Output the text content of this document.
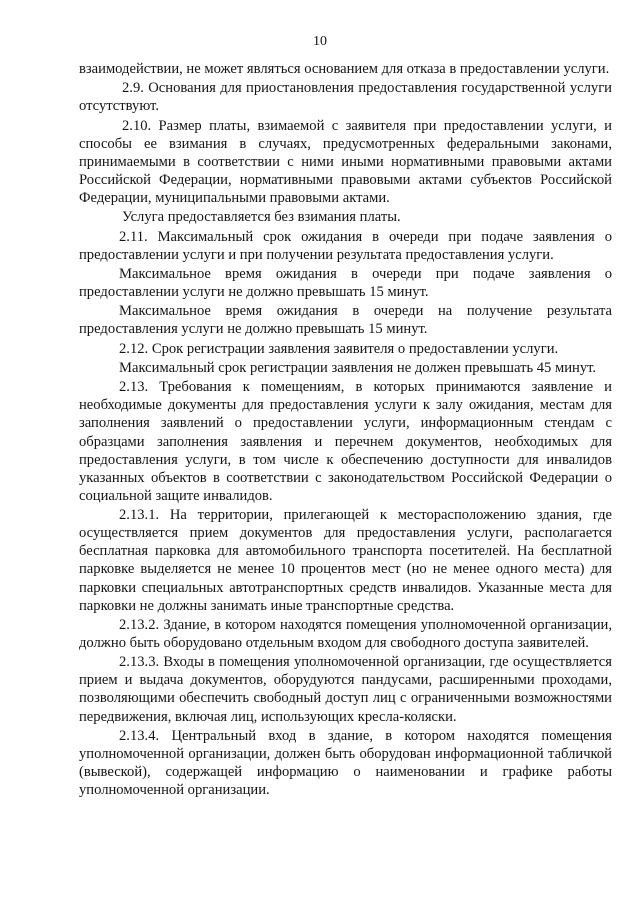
10

взаимодействии, не может являться основанием для отказа в предоставлении услуги.

2.9. Основания для приостановления предоставления государственной услуги отсутствуют.

2.10. Размер платы, взимаемой с заявителя при предоставлении услуги, и способы ее взимания в случаях, предусмотренных федеральными законами, принимаемыми в соответствии с ними иными нормативными правовыми актами Российской Федерации, нормативными правовыми актами субъектов Российской Федерации, муниципальными правовыми актами.

Услуга предоставляется без взимания платы.

2.11. Максимальный срок ожидания в очереди при подаче заявления о предоставлении услуги и при получении результата предоставления услуги.

Максимальное время ожидания в очереди при подаче заявления о предоставлении услуги не должно превышать 15 минут.

Максимальное время ожидания в очереди на получение результата предоставления услуги не должно превышать 15 минут.

2.12. Срок регистрации заявления заявителя о предоставлении услуги.

Максимальный срок регистрации заявления не должен превышать 45 минут.

2.13. Требования к помещениям, в которых принимаются заявление и необходимые документы для предоставления услуги к залу ожидания, местам для заполнения заявлений о предоставлении услуги, информационным стендам с образцами заполнения заявления и перечнем документов, необходимых для предоставления услуги, в том числе к обеспечению доступности для инвалидов указанных объектов в соответствии с законодательством Российской Федерации о социальной защите инвалидов.

2.13.1. На территории, прилегающей к месторасположению здания, где осуществляется прием документов для предоставления услуги, располагается бесплатная парковка для автомобильного транспорта посетителей. На бесплатной парковке выделяется не менее 10 процентов мест (но не менее одного места) для парковки специальных автотранспортных средств инвалидов. Указанные места для парковки не должны занимать иные транспортные средства.

2.13.2. Здание, в котором находятся помещения уполномоченной организации, должно быть оборудовано отдельным входом для свободного доступа заявителей.

2.13.3. Входы в помещения уполномоченной организации, где осуществляется прием и выдача документов, оборудуются пандусами, расширенными проходами, позволяющими обеспечить свободный доступ лиц с ограниченными возможностями передвижения, включая лиц, использующих кресла-коляски.

2.13.4. Центральный вход в здание, в котором находятся помещения уполномоченной организации, должен быть оборудован информационной табличкой (вывеской), содержащей информацию о наименовании и графике работы уполномоченной организации.
